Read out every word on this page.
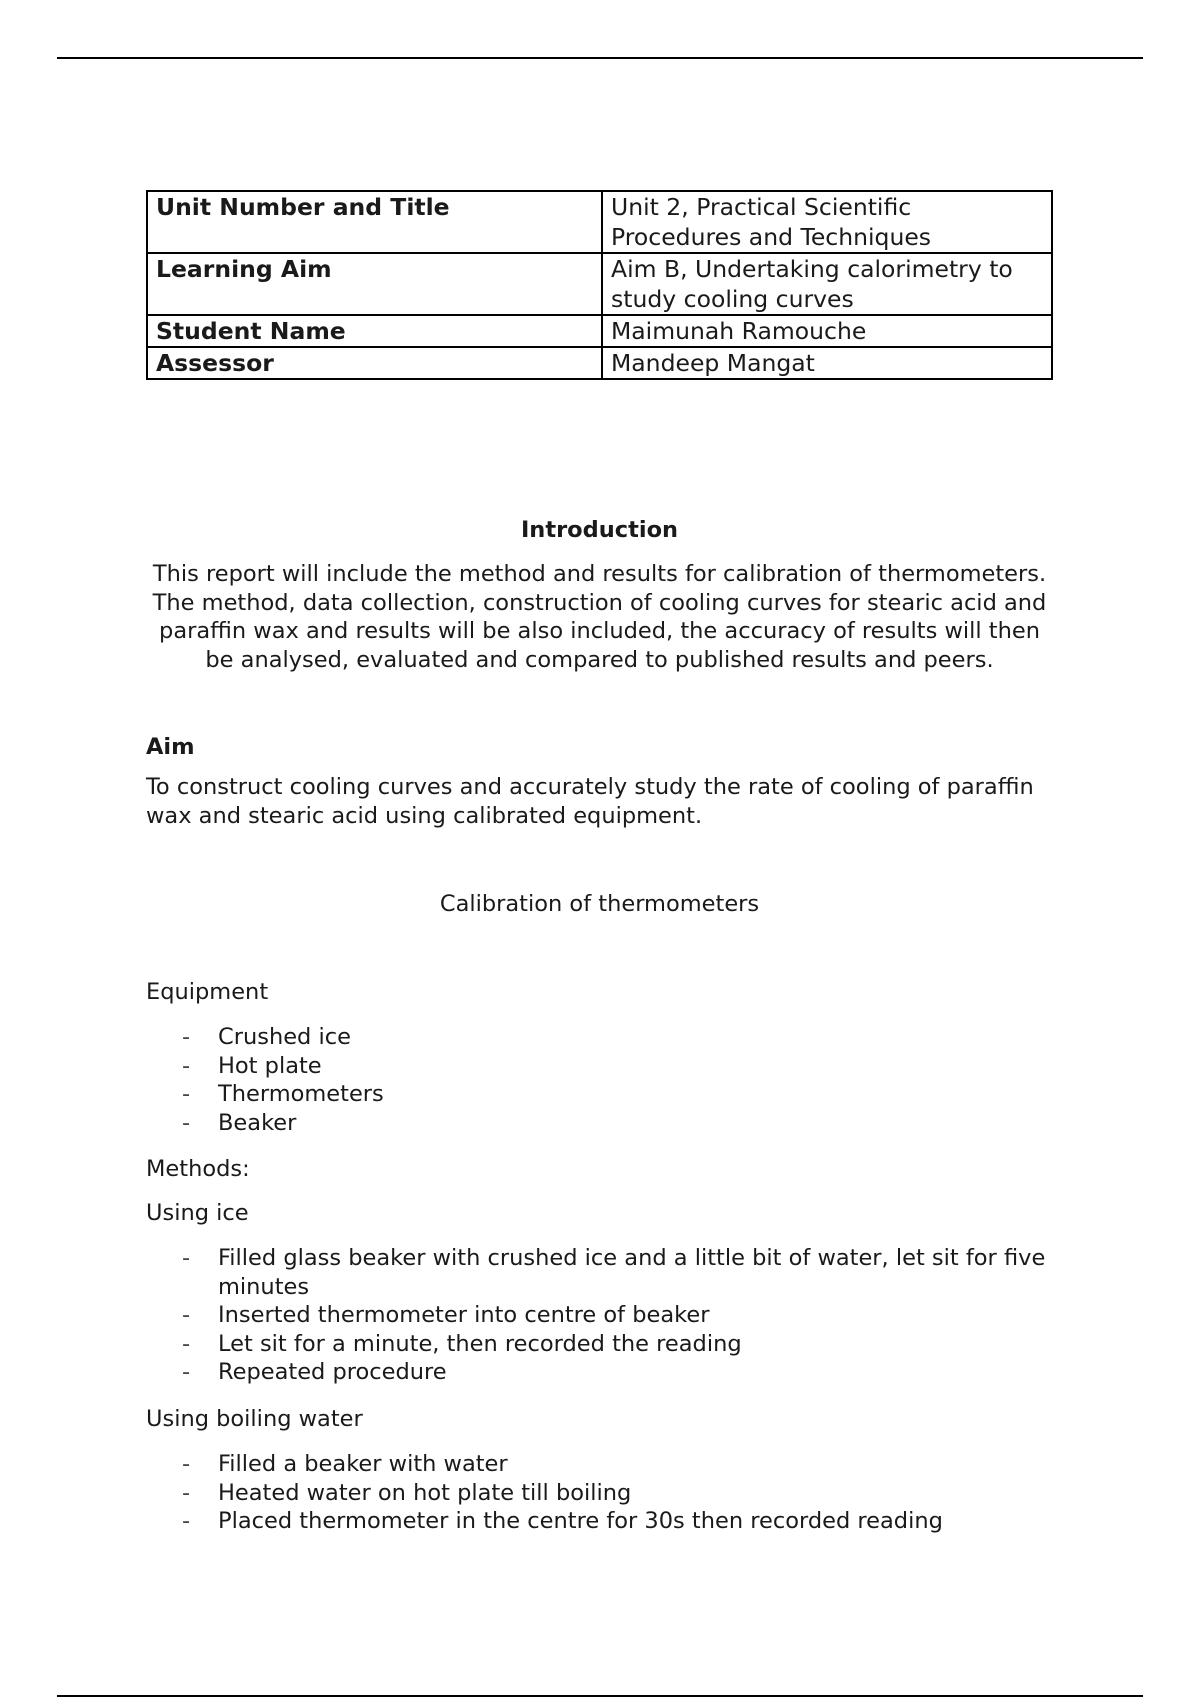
Unit Number and Title	Unit 2, Practical Scientific Procedures and Techniques
Learning Aim	Aim B, Undertaking calorimetry to study cooling curves
Student Name	Maimunah Ramouche
Assessor	Mandeep Mangat
Introduction
This report will include the method and results for calibration of thermometers. The method, data collection, construction of cooling curves for stearic acid and paraffin wax and results will be also included, the accuracy of results will then be analysed, evaluated and compared to published results and peers.
Aim
To construct cooling curves and accurately study the rate of cooling of paraffin wax and stearic acid using calibrated equipment.
Calibration of thermometers
Equipment
- Crushed ice
- Hot plate
- Thermometers
- Beaker
Methods:
Using ice
- Filled glass beaker with crushed ice and a little bit of water, let sit for five minutes
- Inserted thermometer into centre of beaker
- Let sit for a minute, then recorded the reading
- Repeated procedure
Using boiling water
- Filled a beaker with water
- Heated water on hot plate till boiling
- Placed thermometer in the centre for 30s then recorded reading
